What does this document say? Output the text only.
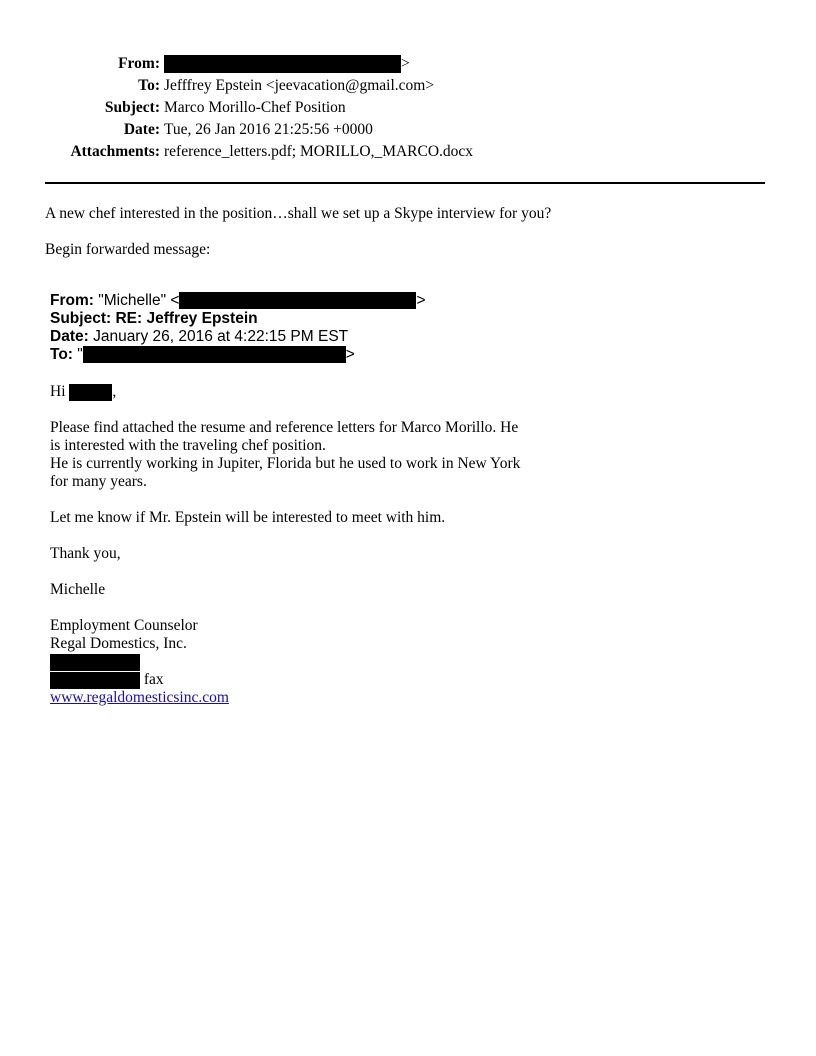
From:	>
To: Jefffrey Epstein <jeevacation@gmail.com>
Subject: Marco Morillo-Chef Position
Date: Tue, 26 Jan 2016 21:25:56 +0000
Attachments: reference_letters.pdf; MORILLO,_MARCO.docx
A new chef interested in the position…shall we set up a Skype interview for you?
Begin forwarded message:
From: "Michelle" <	>
Subject: RE: Jeffrey Epstein
Date: January 26, 2016 at 4:22:15 PM EST
To: "	>

Hi	,

Please find attached the resume and reference letters for Marco Morillo. He

is interested with the traveling chef position.

He is currently working in Jupiter, Florida but he used to work in New York

for many years.

Let me know if Mr. Epstein will be interested to meet with him.

Thank you,

Michelle

Employment Counselor

Regal Domestics, Inc.

fax

www.regaldomesticsinc.com
